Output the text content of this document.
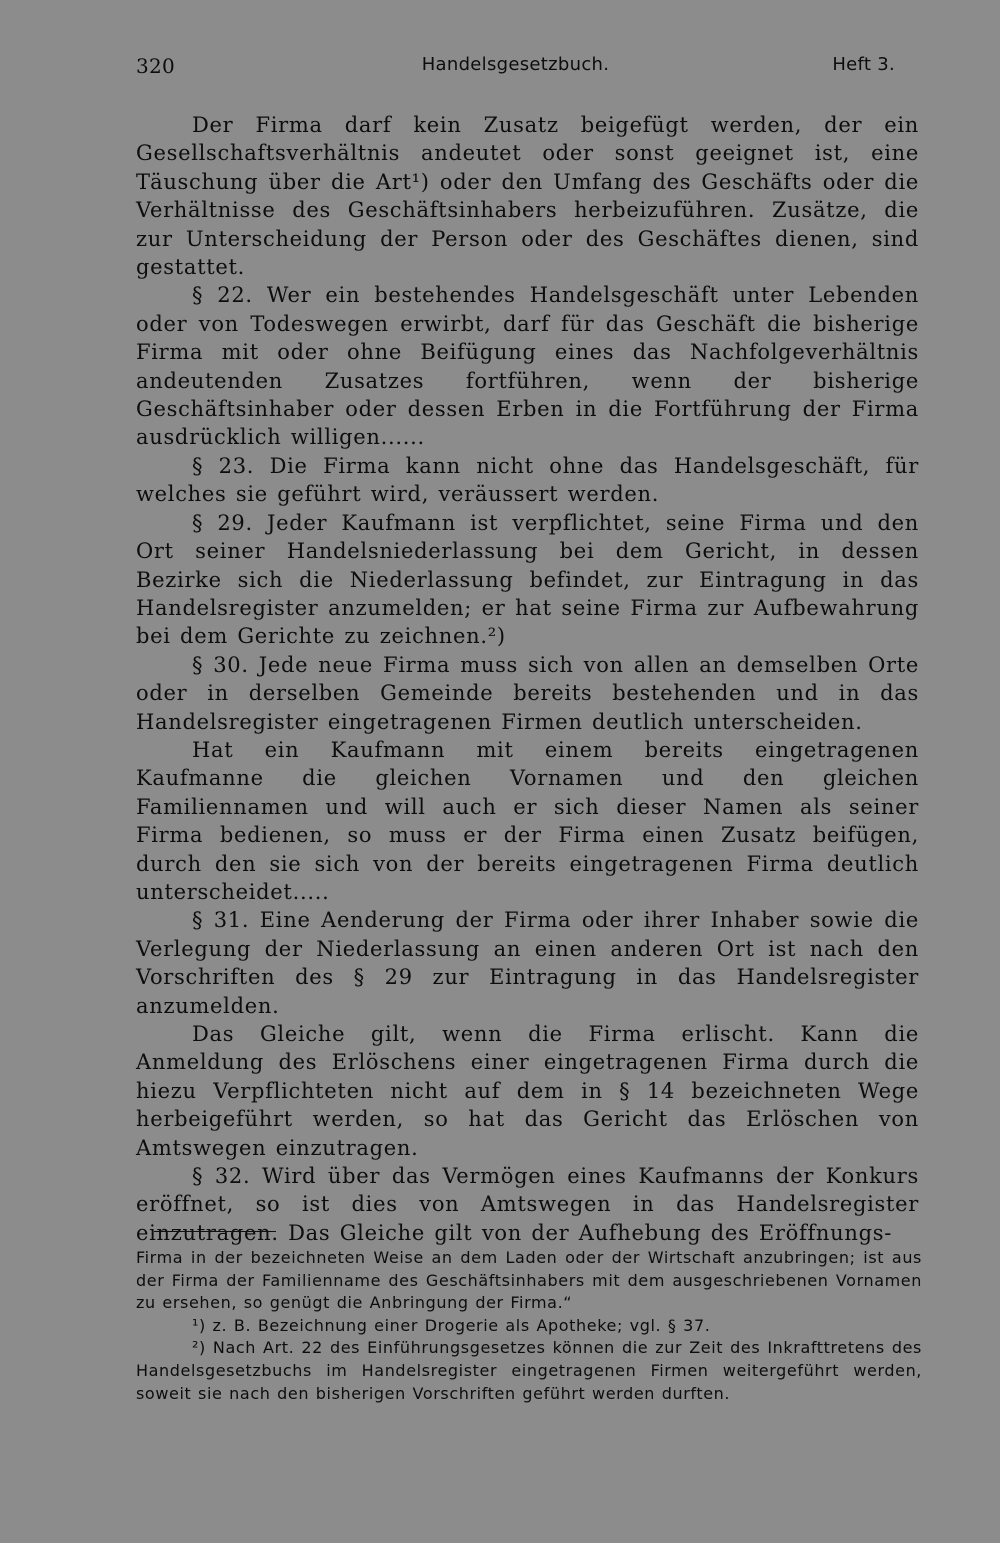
320	Handelsgesetzbuch.	Heft 3.

Der Firma darf kein Zusatz beigefügt werden, der ein Gesellschaftsverhältnis andeutet oder sonst geeignet ist, eine Täuschung über die Art¹) oder den Umfang des Geschäfts oder die Verhältnisse des Geschäftsinhabers herbeizuführen. Zusätze, die zur Unterscheidung der Person oder des Geschäftes dienen, sind gestattet.

§ 22. Wer ein bestehendes Handelsgeschäft unter Lebenden oder von Todeswegen erwirbt, darf für das Geschäft die bisherige Firma mit oder ohne Beifügung eines das Nachfolgeverhältnis andeutenden Zusatzes fortführen, wenn der bisherige Geschäftsinhaber oder dessen Erben in die Fortführung der Firma ausdrücklich willigen......

§ 23. Die Firma kann nicht ohne das Handelsgeschäft, für welches sie geführt wird, veräussert werden.

§ 29. Jeder Kaufmann ist verpflichtet, seine Firma und den Ort seiner Handelsniederlassung bei dem Gericht, in dessen Bezirke sich die Niederlassung befindet, zur Eintragung in das Handelsregister anzumelden; er hat seine Firma zur Aufbewahrung bei dem Gerichte zu zeichnen.²)

§ 30. Jede neue Firma muss sich von allen an demselben Orte oder in derselben Gemeinde bereits bestehenden und in das Handelsregister eingetragenen Firmen deutlich unterscheiden.

Hat ein Kaufmann mit einem bereits eingetragenen Kaufmanne die gleichen Vornamen und den gleichen Familiennamen und will auch er sich dieser Namen als seiner Firma bedienen, so muss er der Firma einen Zusatz beifügen, durch den sie sich von der bereits eingetragenen Firma deutlich unterscheidet.....

§ 31. Eine Aenderung der Firma oder ihrer Inhaber sowie die Verlegung der Niederlassung an einen anderen Ort ist nach den Vorschriften des § 29 zur Eintragung in das Handelsregister anzumelden.

Das Gleiche gilt, wenn die Firma erlischt. Kann die Anmeldung des Erlöschens einer eingetragenen Firma durch die hiezu Verpflichteten nicht auf dem in § 14 bezeichneten Wege herbeigeführt werden, so hat das Gericht das Erlöschen von Amtswegen einzutragen.

§ 32. Wird über das Vermögen eines Kaufmanns der Konkurs eröffnet, so ist dies von Amtswegen in das Handelsregister einzutragen. Das Gleiche gilt von der Aufhebung des Eröffnungs-

Firma in der bezeichneten Weise an dem Laden oder der Wirtschaft anzubringen; ist aus der Firma der Familienname des Geschäftsinhabers mit dem ausgeschriebenen Vornamen zu ersehen, so genügt die Anbringung der Firma.“

¹) z. B. Bezeichnung einer Drogerie als Apotheke; vgl. § 37.

²) Nach Art. 22 des Einführungsgesetzes können die zur Zeit des Inkrafttretens des Handelsgesetzbuchs im Handelsregister eingetragenen Firmen weitergeführt werden, soweit sie nach den bisherigen Vorschriften geführt werden durften.
